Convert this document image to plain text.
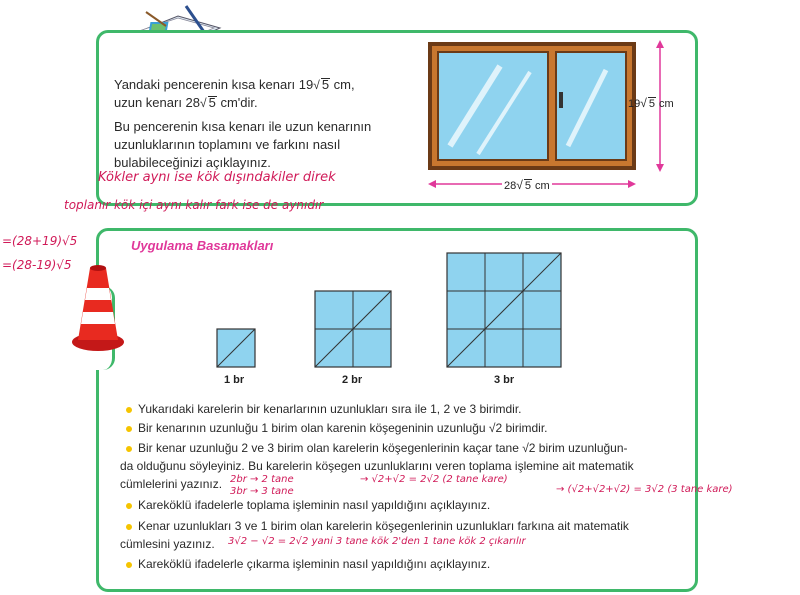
Yandaki pencerenin kısa kenarı 19√ 5 cm,
uzun kenarı 28√ 5 cm'dir.
Bu pencerenin kısa kenarı ile uzun kenarının uzunluklarının toplamını ve farkını nasıl bulabileceğinizi açıklayınız.
19√ 5 cm
28√ 5 cm
Kökler aynı ise kök dışındakiler direk
toplanır kök içi aynı kalır fark ise de aynıdır
=(28+19)√5
=(28-19)√5
Uygulama Basamakları
1 br	2 br	3 br
Yukarıdaki karelerin bir kenarlarının uzunlukları sıra ile 1, 2 ve 3 birimdir.
Bir kenarının uzunluğu 1 birim olan karenin köşegeninin uzunluğu √2 birimdir.
Bir kenar uzunluğu 2 ve 3 birim olan karelerin köşegenlerinin kaçar tane √2 birim uzunluğun-
da olduğunu söyleyiniz. Bu karelerin köşegen uzunluklarını veren toplama işlemine ait matematik
cümlelerini yazınız.
Kareköklü ifadelerle toplama işleminin nasıl yapıldığını açıklayınız.
Kenar uzunlukları 3 ve 1 birim olan karelerin köşegenlerinin uzunlukları farkına ait matematik
cümlesini yazınız.
Kareköklü ifadelerle çıkarma işleminin nasıl yapıldığını açıklayınız.
2br → 2 tane
3br → 3 tane
→ √2+√2 = 2√2 (2 tane kare)
→ (√2+√2+√2) = 3√2 (3 tane kare)
3√2 − √2 = 2√2 yani 3 tane kök 2'den 1 tane kök 2 çıkarılır
